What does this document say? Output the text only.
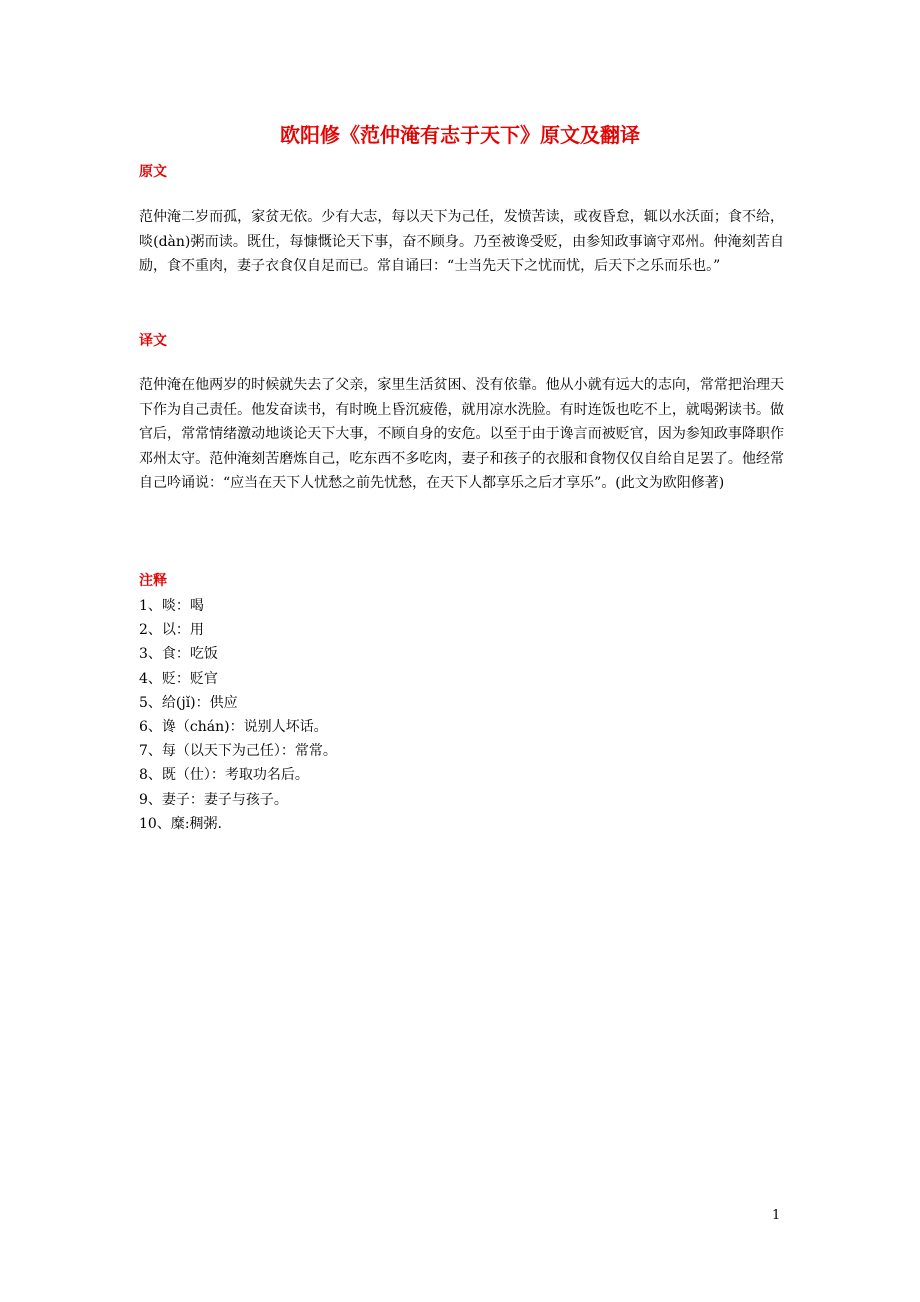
欧阳修《范仲淹有志于天下》原文及翻译
原文

范仲淹二岁而孤，家贫无依。少有大志，每以天下为己任，发愤苦读，或夜昏怠，辄以水沃面；食不给，啖(dàn)粥而读。既仕，每慷慨论天下事，奋不顾身。乃至被谗受贬，由参知政事谪守邓州。仲淹刻苦自励，食不重肉，妻子衣食仅自足而已。常自诵曰：“士当先天下之忧而忧，后天下之乐而乐也。”

译文

范仲淹在他两岁的时候就失去了父亲，家里生活贫困、没有依靠。他从小就有远大的志向，常常把治理天下作为自己责任。他发奋读书，有时晚上昏沉疲倦，就用凉水洗脸。有时连饭也吃不上，就喝粥读书。做官后，常常情绪激动地谈论天下大事，不顾自身的安危。以至于由于谗言而被贬官，因为参知政事降职作邓州太守。范仲淹刻苦磨炼自己，吃东西不多吃肉，妻子和孩子的衣服和食物仅仅自给自足罢了。他经常自己吟诵说：“应当在天下人忧愁之前先忧愁，在天下人都享乐之后才享乐”。(此文为欧阳修著)

注释
1、啖：喝
2、以：用
3、食：吃饭
4、贬：贬官
5、给(jǐ)：供应
6、谗（chán)：说别人坏话。
7、每（以天下为己任）：常常。
8、既（仕）：考取功名后。
9、妻子：妻子与孩子。
10、糜:稠粥.

1
